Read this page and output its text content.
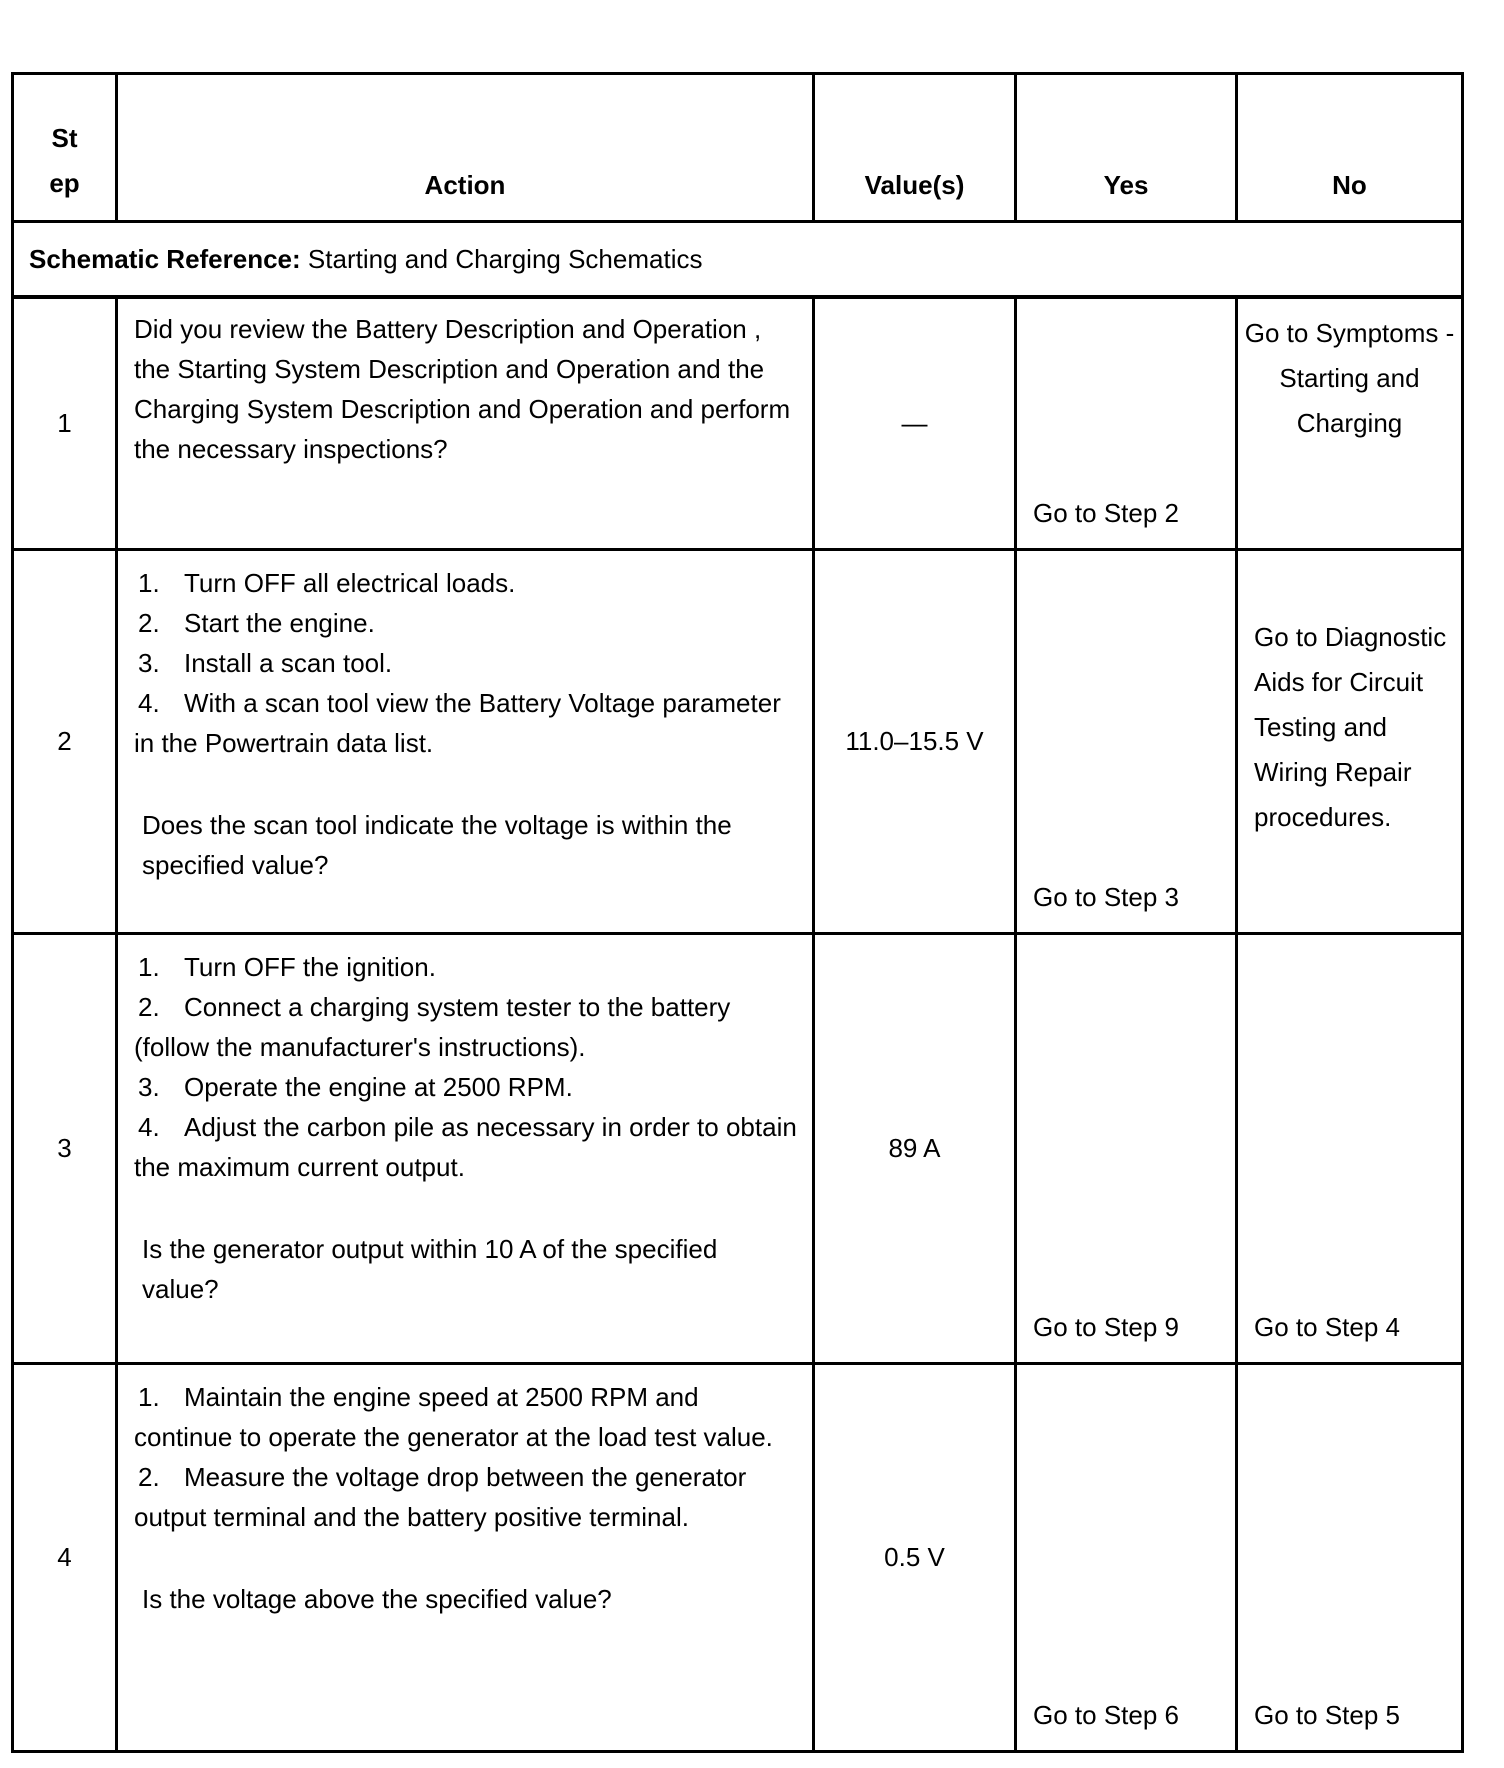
St
ep	Action	Value(s)	Yes	No
Schematic Reference: Starting and Charging Schematics				
1	Did you review the Battery Description and Operation , the Starting System Description and Operation and the Charging System Description and Operation and perform the necessary inspections?	—	Go to Step 2	Go to Symptoms - Starting and Charging
2	1. Turn OFF all electrical loads.
2. Start the engine.
3. Install a scan tool.
4. With a scan tool view the Battery Voltage parameter in the Powertrain data list.
Does the scan tool indicate the voltage is within the specified value?	11.0–15.5 V	Go to Step 3	Go to Diagnostic Aids for Circuit Testing and Wiring Repair procedures.
3	1. Turn OFF the ignition.
2. Connect a charging system tester to the battery (follow the manufacturer's instructions).
3. Operate the engine at 2500 RPM.
4. Adjust the carbon pile as necessary in order to obtain the maximum current output.
Is the generator output within 10 A of the specified value?	89 A	Go to Step 9	Go to Step 4
4	1. Maintain the engine speed at 2500 RPM and continue to operate the generator at the load test value.
2. Measure the voltage drop between the generator output terminal and the battery positive terminal.
Is the voltage above the specified value?	0.5 V	Go to Step 6	Go to Step 5
